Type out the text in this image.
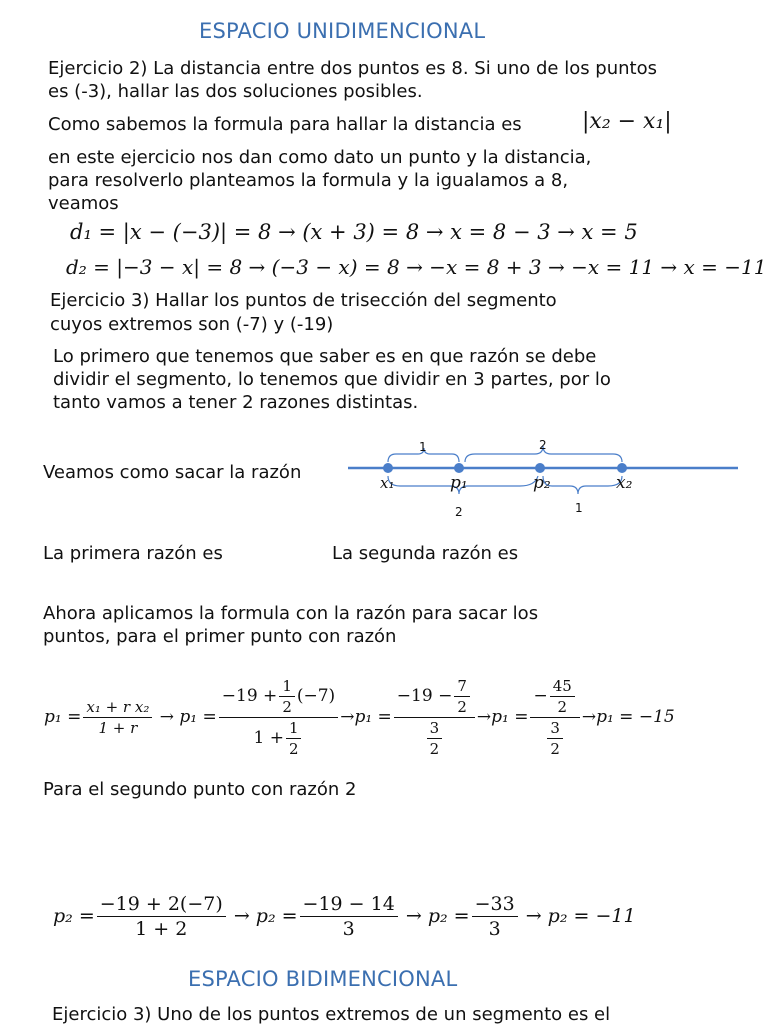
ESPACIO UNIDIMENCIONAL
Ejercicio 2) La distancia entre dos puntos es 8. Si uno de los puntos
es (-3), hallar las dos soluciones posibles.
Como sabemos la formula para hallar la distancia es	|x₂ − x₁|
en este ejercicio nos dan como dato un punto y la distancia,
para resolverlo planteamos la formula y la igualamos a 8,
veamos
d₁ = |x − (−3)| = 8 → (x + 3) = 8 → x = 8 − 3 → x = 5
d₂ = |−3 − x| = 8 → (−3 − x) = 8 → −x = 8 + 3 → −x = 11 → x = −11
Ejercicio 3) Hallar los puntos de trisección del segmento
cuyos extremos son (-7) y (-19)
Lo primero que tenemos que saber es en que razón se debe
dividir el segmento, lo tenemos que dividir en 3 partes, por lo
tanto vamos a tener 2 razones distintas.
Veamos como sacar la razón
1	2
2	1
x₁	p₁	p₂	x₂
La primera razón es	La segunda razón es
Ahora aplicamos la formula con la razón para sacar los
puntos, para el primer punto con razón
$p_1 = \frac{\text{x₁ + r x₂}}{1 + r} \to p_1 = \frac{-19 + \frac{1}{2} (-7)}{1 + \frac{1}{2}} \to p_1 = \frac{-19 - \frac{7}{2}}{\frac{3}{2}} \to p_1 = \frac{- \frac{45}{2}}{\frac{3}{2}} \to p_1 = -15$
Para el segundo punto con razón 2
$p_2 = \frac{-19 + 2(-7)}{1 + 2} \to p_2 = \frac{-19 - 14}{3} \to p_2 = \frac{-33}{3} \to p_2 = -11$
ESPACIO BIDIMENCIONAL
Ejercicio 3) Uno de los puntos extremos de un segmento es el
